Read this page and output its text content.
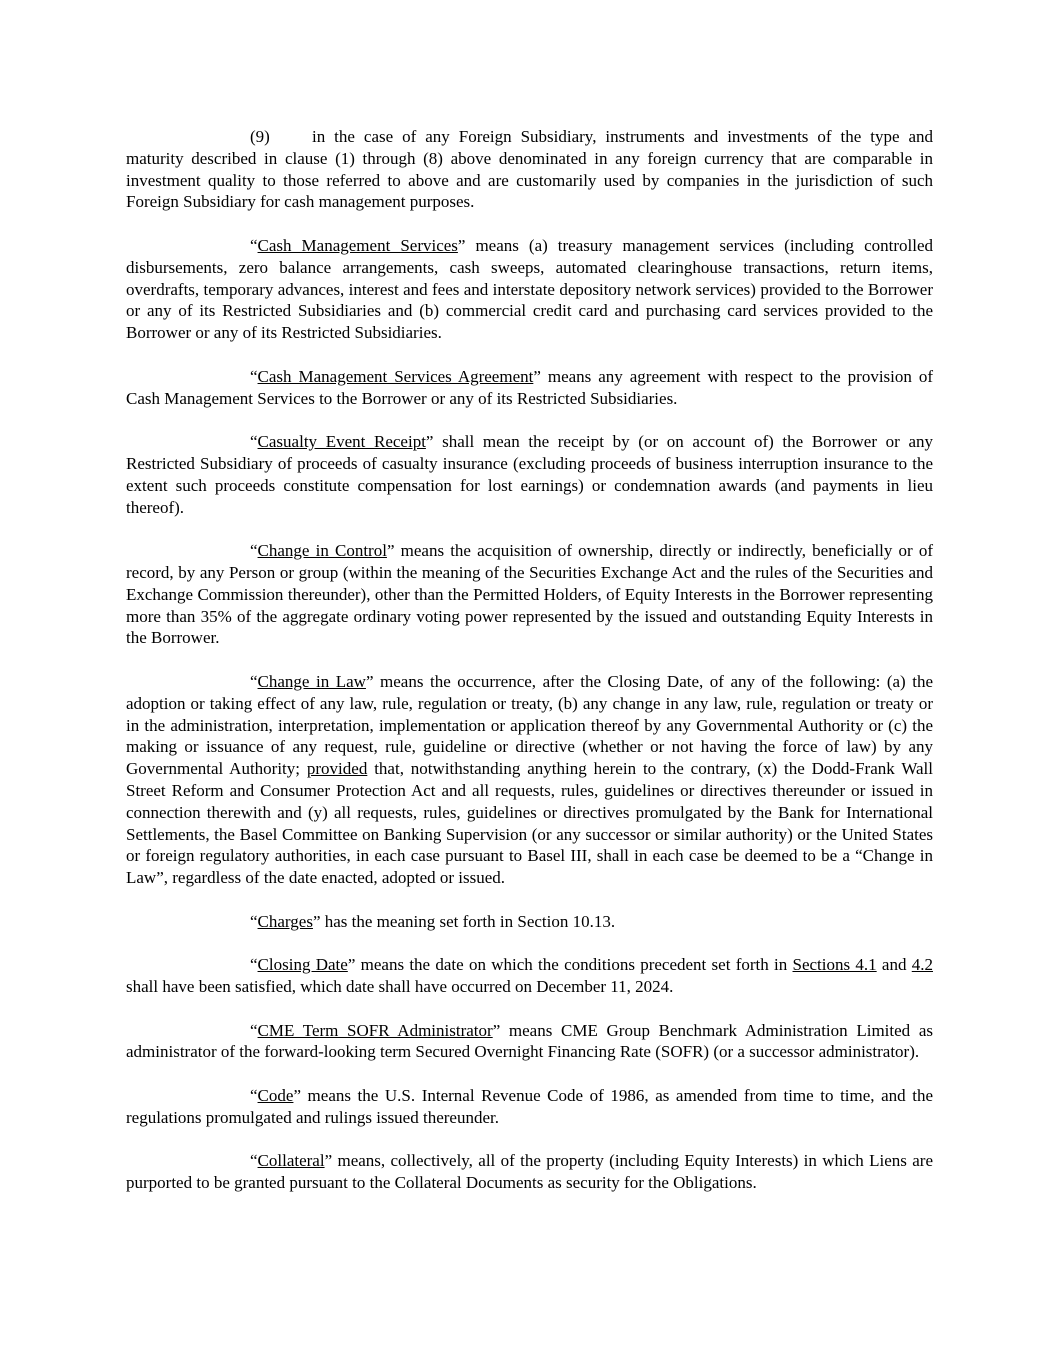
(9) in the case of any Foreign Subsidiary, instruments and investments of the type and maturity described in clause (1) through (8) above denominated in any foreign currency that are comparable in investment quality to those referred to above and are customarily used by companies in the jurisdiction of such Foreign Subsidiary for cash management purposes.

“Cash Management Services” means (a) treasury management services (including controlled disbursements, zero balance arrangements, cash sweeps, automated clearinghouse transactions, return items, overdrafts, temporary advances, interest and fees and interstate depository network services) provided to the Borrower or any of its Restricted Subsidiaries and (b) commercial credit card and purchasing card services provided to the Borrower or any of its Restricted Subsidiaries.

“Cash Management Services Agreement” means any agreement with respect to the provision of Cash Management Services to the Borrower or any of its Restricted Subsidiaries.

“Casualty Event Receipt” shall mean the receipt by (or on account of) the Borrower or any Restricted Subsidiary of proceeds of casualty insurance (excluding proceeds of business interruption insurance to the extent such proceeds constitute compensation for lost earnings) or condemnation awards (and payments in lieu thereof).

“Change in Control” means the acquisition of ownership, directly or indirectly, beneficially or of record, by any Person or group (within the meaning of the Securities Exchange Act and the rules of the Securities and Exchange Commission thereunder), other than the Permitted Holders, of Equity Interests in the Borrower representing more than 35% of the aggregate ordinary voting power represented by the issued and outstanding Equity Interests in the Borrower.

“Change in Law” means the occurrence, after the Closing Date, of any of the following: (a) the adoption or taking effect of any law, rule, regulation or treaty, (b) any change in any law, rule, regulation or treaty or in the administration, interpretation, implementation or application thereof by any Governmental Authority or (c) the making or issuance of any request, rule, guideline or directive (whether or not having the force of law) by any Governmental Authority; provided that, notwithstanding anything herein to the contrary, (x) the Dodd-Frank Wall Street Reform and Consumer Protection Act and all requests, rules, guidelines or directives thereunder or issued in connection therewith and (y) all requests, rules, guidelines or directives promulgated by the Bank for International Settlements, the Basel Committee on Banking Supervision (or any successor or similar authority) or the United States or foreign regulatory authorities, in each case pursuant to Basel III, shall in each case be deemed to be a “Change in Law”, regardless of the date enacted, adopted or issued.

“Charges” has the meaning set forth in Section 10.13.

“Closing Date” means the date on which the conditions precedent set forth in Sections 4.1 and 4.2 shall have been satisfied, which date shall have occurred on December 11, 2024.

“CME Term SOFR Administrator” means CME Group Benchmark Administration Limited as administrator of the forward-looking term Secured Overnight Financing Rate (SOFR) (or a successor administrator).

“Code” means the U.S. Internal Revenue Code of 1986, as amended from time to time, and the regulations promulgated and rulings issued thereunder.

“Collateral” means, collectively, all of the property (including Equity Interests) in which Liens are purported to be granted pursuant to the Collateral Documents as security for the Obligations.
